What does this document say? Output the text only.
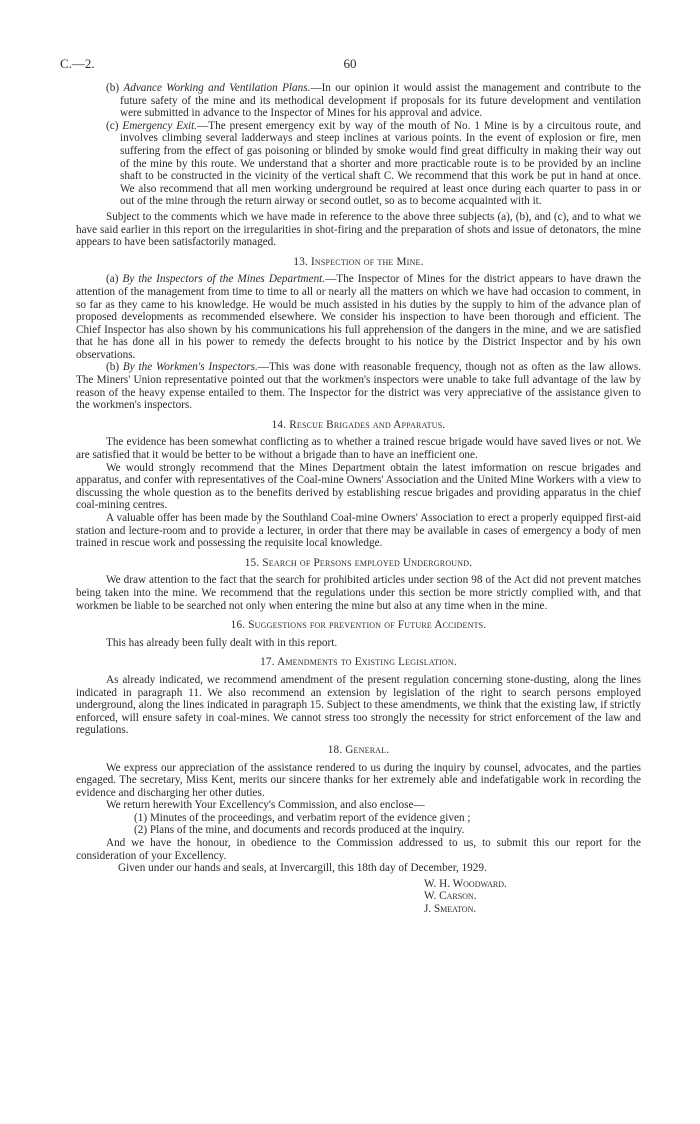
C.—2.	60

(b) Advance Working and Ventilation Plans.—In our opinion it would assist the management and contribute to the future safety of the mine and its methodical development if proposals for its future development and ventilation were submitted in advance to the Inspector of Mines for his approval and advice.

(c) Emergency Exit.—The present emergency exit by way of the mouth of No. 1 Mine is by a circuitous route, and involves climbing several ladderways and steep inclines at various points. In the event of explosion or fire, men suffering from the effect of gas poisoning or blinded by smoke would find great difficulty in making their way out of the mine by this route. We understand that a shorter and more practicable route is to be provided by an incline shaft to be constructed in the vicinity of the vertical shaft C. We recommend that this work be put in hand at once. We also recommend that all men working underground be required at least once during each quarter to pass in or out of the mine through the return airway or second outlet, so as to become acquainted with it.

Subject to the comments which we have made in reference to the above three subjects (a), (b), and (c), and to what we have said earlier in this report on the irregularities in shot-firing and the preparation of shots and issue of detonators, the mine appears to have been satisfactorily managed.

13. Inspection of the Mine.

(a) By the Inspectors of the Mines Department.—The Inspector of Mines for the district appears to have drawn the attention of the management from time to time to all or nearly all the matters on which we have had occasion to comment, in so far as they came to his knowledge. He would be much assisted in his duties by the supply to him of the advance plan of proposed developments as recommended elsewhere. We consider his inspection to have been thorough and efficient. The Chief Inspector has also shown by his communications his full apprehension of the dangers in the mine, and we are satisfied that he has done all in his power to remedy the defects brought to his notice by the District Inspector and by his own observations.

(b) By the Workmen's Inspectors.—This was done with reasonable frequency, though not as often as the law allows. The Miners' Union representative pointed out that the workmen's inspectors were unable to take full advantage of the law by reason of the heavy expense entailed to them. The Inspector for the district was very appreciative of the assistance given to the workmen's inspectors.

14. Rescue Brigades and Apparatus.

The evidence has been somewhat conflicting as to whether a trained rescue brigade would have saved lives or not. We are satisfied that it would be better to be without a brigade than to have an inefficient one.

We would strongly recommend that the Mines Department obtain the latest imformation on rescue brigades and apparatus, and confer with representatives of the Coal-mine Owners' Association and the United Mine Workers with a view to discussing the whole question as to the benefits derived by establishing rescue brigades and providing apparatus in the chief coal-mining centres.

A valuable offer has been made by the Southland Coal-mine Owners' Association to erect a properly equipped first-aid station and lecture-room and to provide a lecturer, in order that there may be available in cases of emergency a body of men trained in rescue work and possessing the requisite local knowledge.

15. Search of Persons employed Underground.

We draw attention to the fact that the search for prohibited articles under section 98 of the Act did not prevent matches being taken into the mine. We recommend that the regulations under this section be more strictly complied with, and that workmen be liable to be searched not only when entering the mine but also at any time when in the mine.

16. Suggestions for prevention of Future Accidents.

This has already been fully dealt with in this report.

17. Amendments to Existing Legislation.

As already indicated, we recommend amendment of the present regulation concerning stone-dusting, along the lines indicated in paragraph 11. We also recommend an extension by legislation of the right to search persons employed underground, along the lines indicated in paragraph 15. Subject to these amendments, we think that the existing law, if strictly enforced, will ensure safety in coal-mines. We cannot stress too strongly the necessity for strict enforcement of the law and regulations.

18. General.

We express our appreciation of the assistance rendered to us during the inquiry by counsel, advocates, and the parties engaged. The secretary, Miss Kent, merits our sincere thanks for her extremely able and indefatigable work in recording the evidence and discharging her other duties.

We return herewith Your Excellency's Commission, and also enclose—

(1) Minutes of the proceedings, and verbatim report of the evidence given ;

(2) Plans of the mine, and documents and records produced at the inquiry.

And we have the honour, in obedience to the Commission addressed to us, to submit this our report for the consideration of your Excellency.

Given under our hands and seals, at Invercargill, this 18th day of December, 1929.

W. H. Woodward.

W. Carson.

J. Smeaton.
